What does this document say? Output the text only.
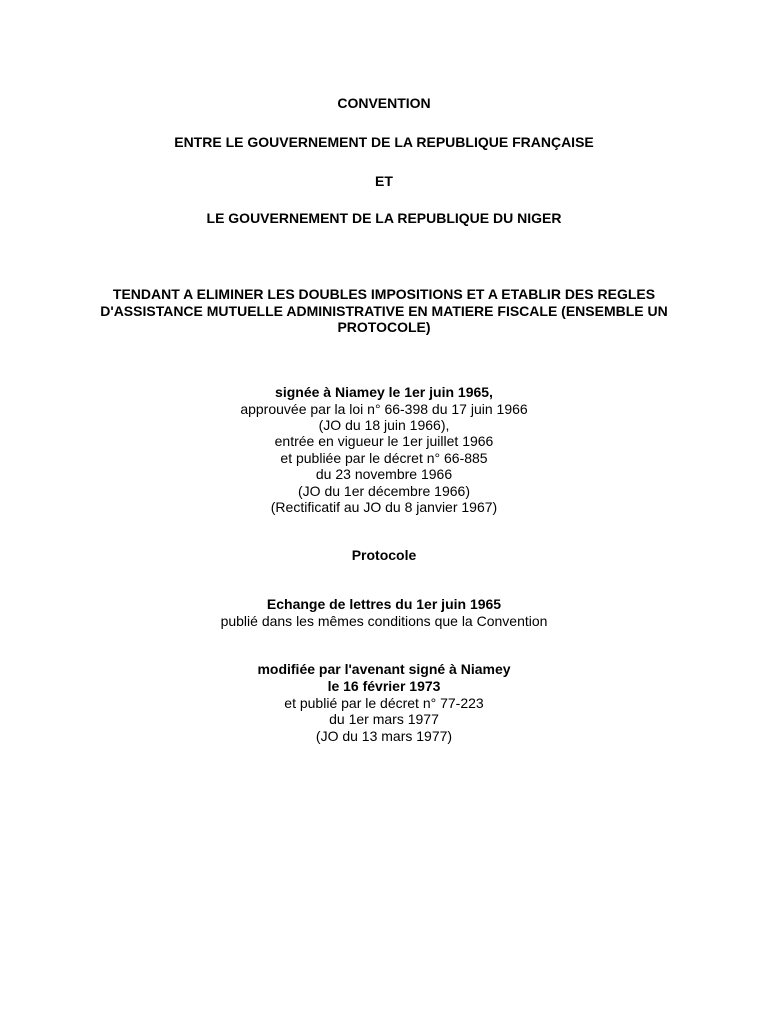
CONVENTION
ENTRE LE GOUVERNEMENT DE LA REPUBLIQUE FRANÇAISE
ET
LE GOUVERNEMENT DE LA REPUBLIQUE DU NIGER
TENDANT A ELIMINER LES DOUBLES IMPOSITIONS ET A ETABLIR DES REGLES
D'ASSISTANCE MUTUELLE ADMINISTRATIVE EN MATIERE FISCALE (ENSEMBLE UN
PROTOCOLE)
signée à Niamey le 1er juin 1965,
approuvée par la loi n° 66-398 du 17 juin 1966
(JO du 18 juin 1966),
entrée en vigueur le 1er juillet 1966
et publiée par le décret n° 66-885
du 23 novembre 1966
(JO du 1er décembre 1966)
(Rectificatif au JO du 8 janvier 1967)
Protocole
Echange de lettres du 1er juin 1965
publié dans les mêmes conditions que la Convention
modifiée par l'avenant signé à Niamey
le 16 février 1973
et publié par le décret n° 77-223
du 1er mars 1977
(JO du 13 mars 1977)
